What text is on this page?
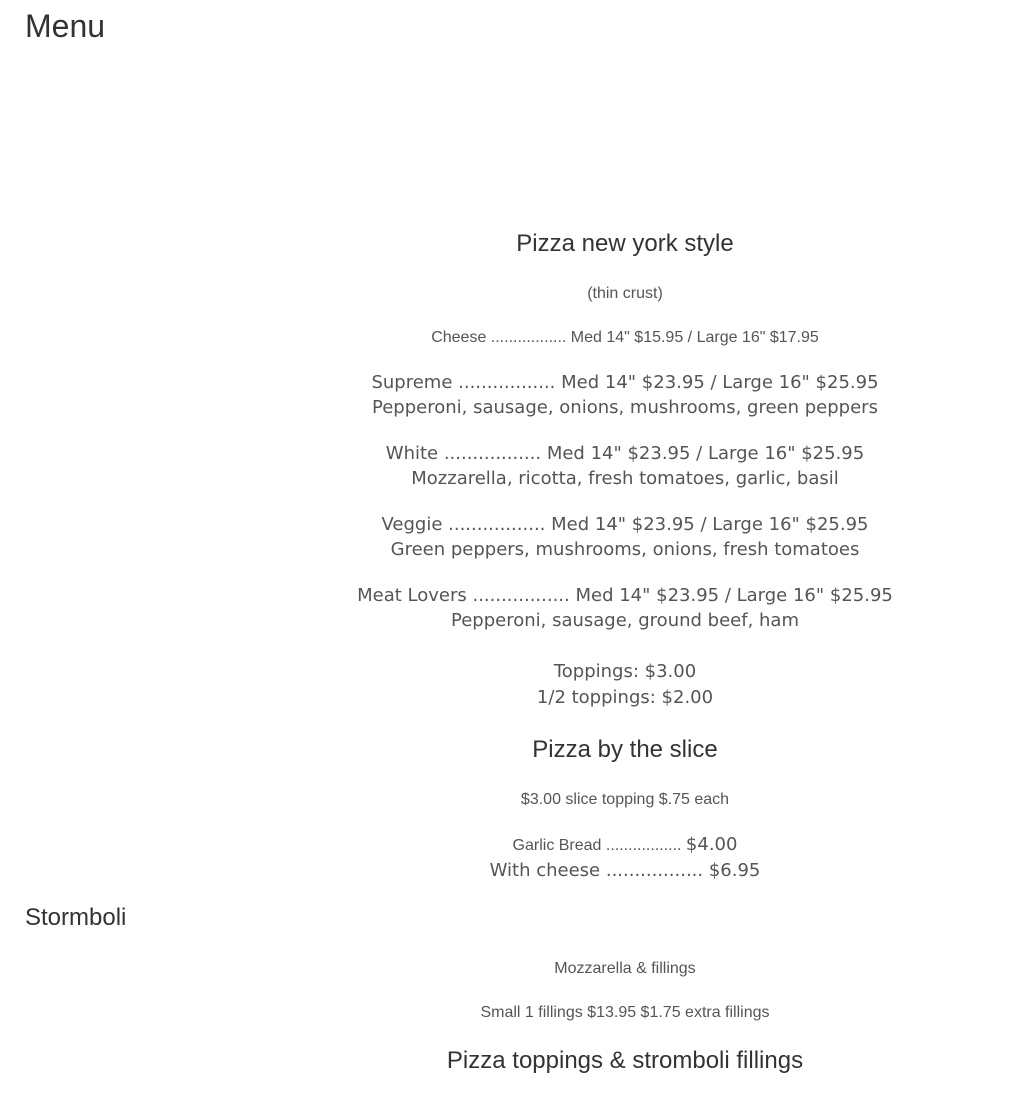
Menu
Pizza new york style
(thin crust)
Cheese ................. Med 14" $15.95 / Large 16" $17.95
Supreme ................. Med 14" $23.95 / Large 16" $25.95
Pepperoni, sausage, onions, mushrooms, green peppers
White ................. Med 14" $23.95 / Large 16" $25.95
Mozzarella, ricotta, fresh tomatoes, garlic, basil
Veggie ................. Med 14" $23.95 / Large 16" $25.95
Green peppers, mushrooms, onions, fresh tomatoes
Meat Lovers ................. Med 14" $23.95 / Large 16" $25.95
Pepperoni, sausage, ground beef, ham
Toppings: $3.00
1/2 toppings: $2.00
Pizza by the slice
$3.00 slice topping $.75 each
Garlic Bread ................. $4.00
With cheese ................. $6.95
Stormboli
Mozzarella & fillings
Small 1 fillings $13.95 $1.75 extra fillings
Pizza toppings & stromboli fillings
